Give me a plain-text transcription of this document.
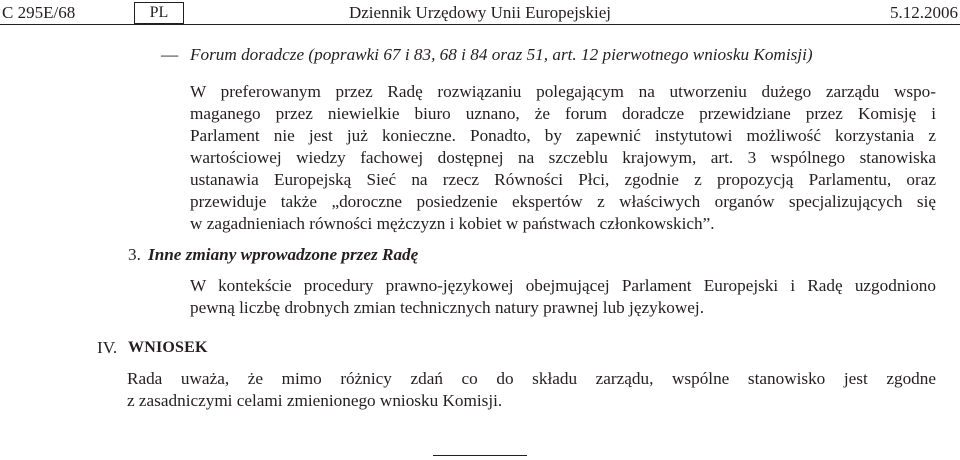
C 295E/68	PL	Dziennik Urzędowy Unii Europejskiej	5.12.2006
— Forum doradcze (poprawki 67 i 83, 68 i 84 oraz 51, art. 12 pierwotnego wniosku Komisji)
W preferowanym przez Radę rozwiązaniu polegającym na utworzeniu dużego zarządu wspo-
maganego przez niewielkie biuro uznano, że forum doradcze przewidziane przez Komisję i
Parlament nie jest już konieczne. Ponadto, by zapewnić instytutowi możliwość korzystania z
wartościowej wiedzy fachowej dostępnej na szczeblu krajowym, art. 3 wspólnego stanowiska
ustanawia Europejską Sieć na rzecz Równości Płci, zgodnie z propozycją Parlamentu, oraz
przewiduje także „doroczne posiedzenie ekspertów z właściwych organów specjalizujących się
w zagadnieniach równości mężczyzn i kobiet w państwach członkowskich”.
3. Inne zmiany wprowadzone przez Radę
W kontekście procedury prawno-językowej obejmującej Parlament Europejski i Radę uzgodniono
pewną liczbę drobnych zmian technicznych natury prawnej lub językowej.
IV. WNIOSEK
Rada uważa, że mimo różnicy zdań co do składu zarządu, wspólne stanowisko jest zgodne
z zasadniczymi celami zmienionego wniosku Komisji.
